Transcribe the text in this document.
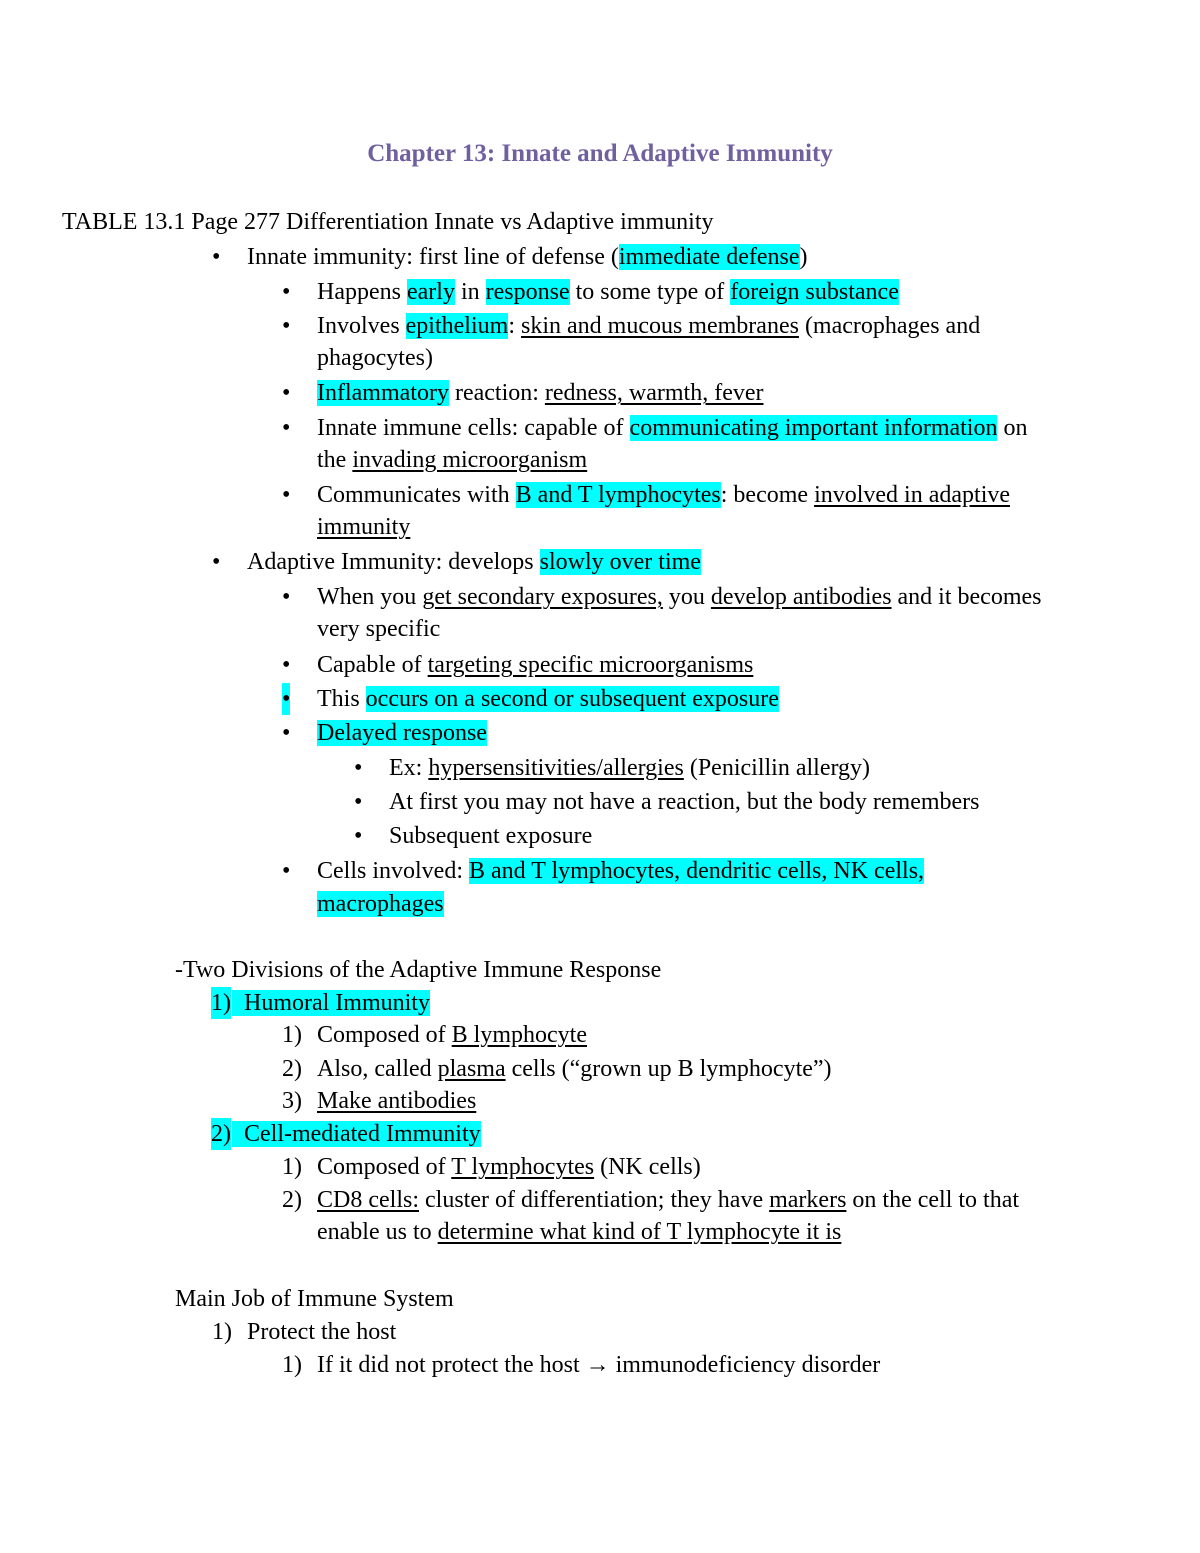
Chapter 13: Innate and Adaptive Immunity
TABLE 13.1 Page 277 Differentiation Innate vs Adaptive immunity
• Innate immunity: first line of defense (immediate defense)
• Happens early in response to some type of foreign substance
• Involves epithelium: skin and mucous membranes (macrophages and
phagocytes)
• Inflammatory reaction: redness, warmth, fever
• Innate immune cells: capable of communicating important information on
the invading microorganism
• Communicates with B and T lymphocytes: become involved in adaptive
immunity
• Adaptive Immunity: develops slowly over time
• When you get secondary exposures, you develop antibodies and it becomes
very specific
• Capable of targeting specific microorganisms
• This occurs on a second or subsequent exposure
• Delayed response
• Ex: hypersensitivities/allergies (Penicillin allergy)
• At first you may not have a reaction, but the body remembers
• Subsequent exposure
• Cells involved: B and T lymphocytes, dendritic cells, NK cells,
macrophages
-Two Divisions of the Adaptive Immune Response
1) Humoral Immunity
1) Composed of B lymphocyte
2) Also, called plasma cells (“grown up B lymphocyte”)
3) Make antibodies
2) Cell-mediated Immunity
1) Composed of T lymphocytes (NK cells)
2) CD8 cells: cluster of differentiation; they have markers on the cell to that
enable us to determine what kind of T lymphocyte it is
Main Job of Immune System
1) Protect the host
1) If it did not protect the host → immunodeficiency disorder
